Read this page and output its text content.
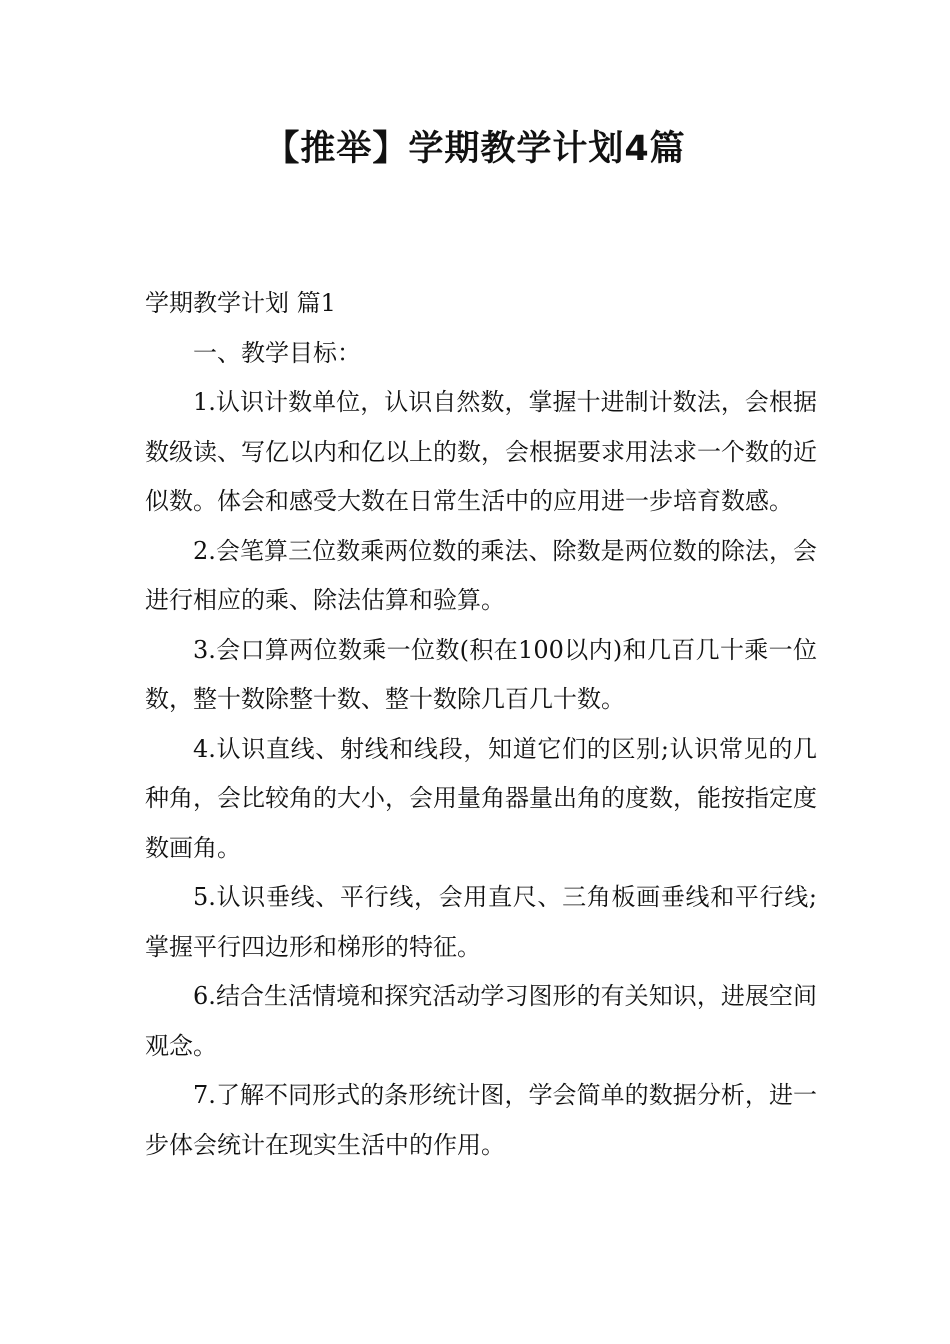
【推举】学期教学计划4篇

学期教学计划 篇1

一、教学目标：

1.认识计数单位，认识自然数，掌握十进制计数法，会根据数级读、写亿以内和亿以上的数，会根据要求用法求一个数的近似数。体会和感受大数在日常生活中的应用进一步培育数感。

2.会笔算三位数乘两位数的乘法、除数是两位数的除法，会进行相应的乘、除法估算和验算。

3.会口算两位数乘一位数(积在100以内)和几百几十乘一位数，整十数除整十数、整十数除几百几十数。

4.认识直线、射线和线段，知道它们的区别;认识常见的几种角，会比较角的大小，会用量角器量出角的度数，能按指定度数画角。

5.认识垂线、平行线，会用直尺、三角板画垂线和平行线;掌握平行四边形和梯形的特征。

6.结合生活情境和探究活动学习图形的有关知识，进展空间观念。

7.了解不同形式的条形统计图，学会简单的数据分析，进一步体会统计在现实生活中的作用。
